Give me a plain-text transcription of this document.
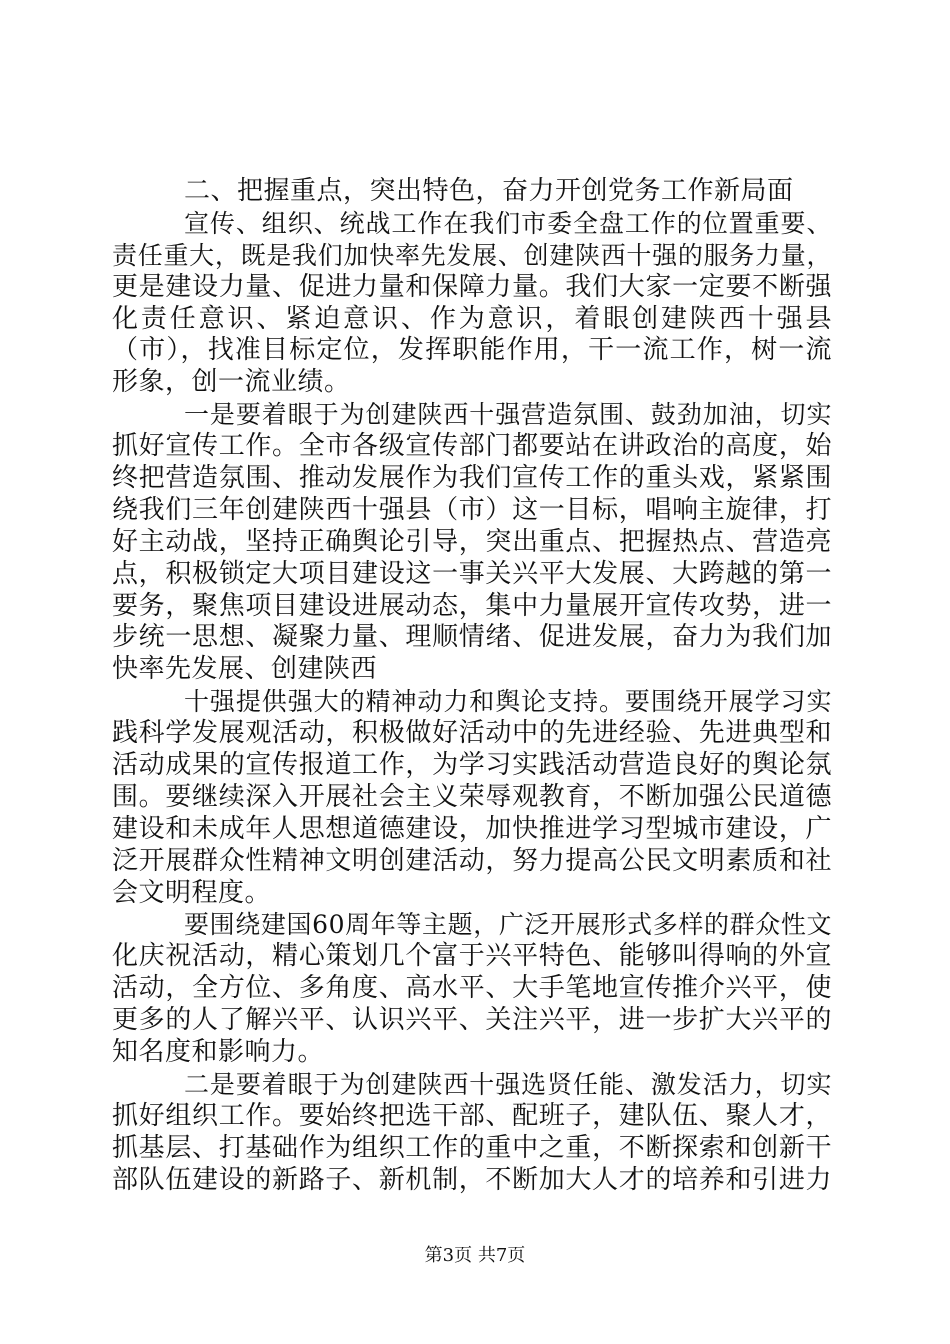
二、把握重点，突出特色，奋力开创党务工作新局面
宣传、组织、统战工作在我们市委全盘工作的位置重要、
责任重大，既是我们加快率先发展、创建陕西十强的服务力量，
更是建设力量、促进力量和保障力量。我们大家一定要不断强
化责任意识、紧迫意识、作为意识，着眼创建陕西十强县
（市），找准目标定位，发挥职能作用，干一流工作，树一流
形象，创一流业绩。
一是要着眼于为创建陕西十强营造氛围、鼓劲加油，切实
抓好宣传工作。全市各级宣传部门都要站在讲政治的高度，始
终把营造氛围、推动发展作为我们宣传工作的重头戏，紧紧围
绕我们三年创建陕西十强县（市）这一目标，唱响主旋律，打
好主动战，坚持正确舆论引导，突出重点、把握热点、营造亮
点，积极锁定大项目建设这一事关兴平大发展、大跨越的第一
要务，聚焦项目建设进展动态，集中力量展开宣传攻势，进一
步统一思想、凝聚力量、理顺情绪、促进发展，奋力为我们加
快率先发展、创建陕西
十强提供强大的精神动力和舆论支持。要围绕开展学习实
践科学发展观活动，积极做好活动中的先进经验、先进典型和
活动成果的宣传报道工作，为学习实践活动营造良好的舆论氛
围。要继续深入开展社会主义荣辱观教育，不断加强公民道德
建设和未成年人思想道德建设，加快推进学习型城市建设，广
泛开展群众性精神文明创建活动，努力提高公民文明素质和社
会文明程度。
要围绕建国60周年等主题，广泛开展形式多样的群众性文
化庆祝活动，精心策划几个富于兴平特色、能够叫得响的外宣
活动，全方位、多角度、高水平、大手笔地宣传推介兴平，使
更多的人了解兴平、认识兴平、关注兴平，进一步扩大兴平的
知名度和影响力。
二是要着眼于为创建陕西十强选贤任能、激发活力，切实
抓好组织工作。要始终把选干部、配班子，建队伍、聚人才，
抓基层、打基础作为组织工作的重中之重，不断探索和创新干
部队伍建设的新路子、新机制，不断加大人才的培养和引进力
第3页 共7页
